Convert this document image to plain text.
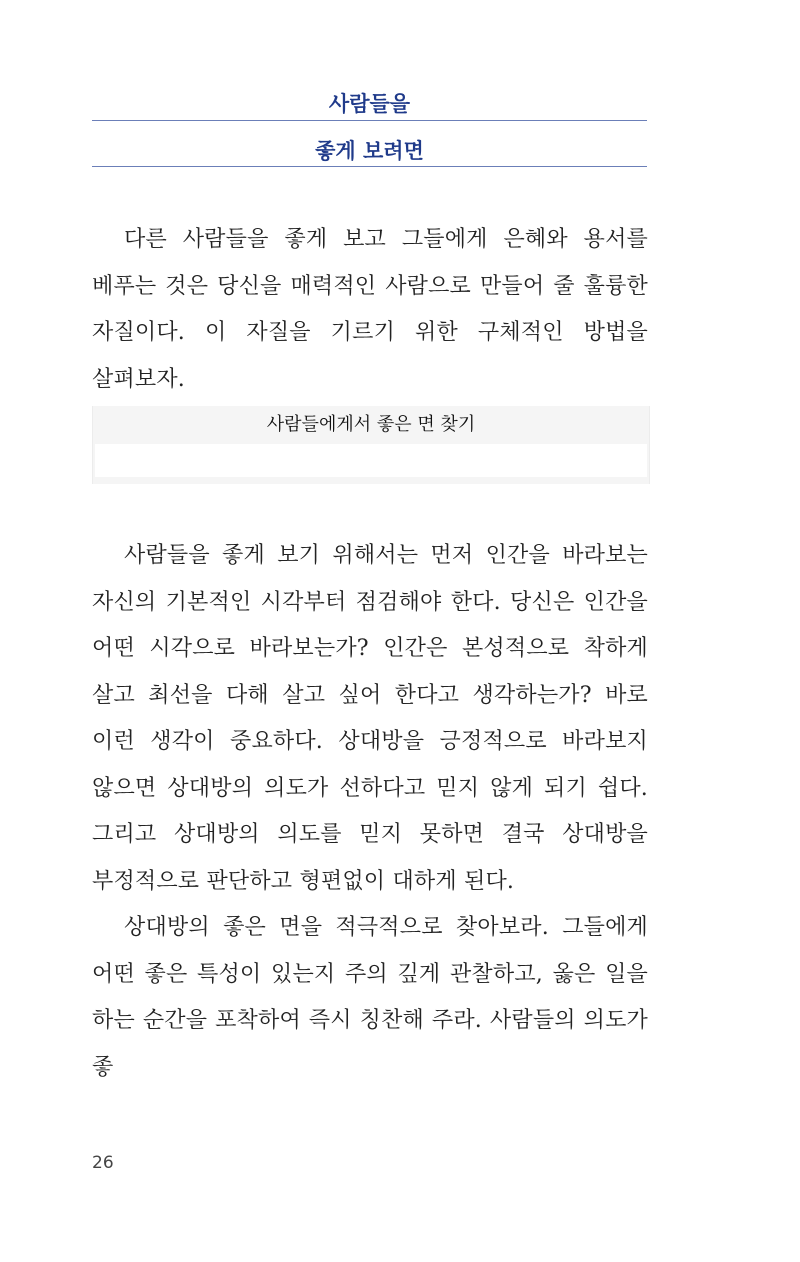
사람들을
좋게 보려면

다른 사람들을 좋게 보고 그들에게 은혜와 용서를 베푸는 것은 당신을 매력적인 사람으로 만들어 줄 훌륭한 자질이다. 이 자질을 기르기 위한 구체적인 방법을 살펴보자.

사람들에게서 좋은 면 찾기

사람들을 좋게 보기 위해서는 먼저 인간을 바라보는 자신의 기본적인 시각부터 점검해야 한다. 당신은 인간을 어떤 시각으로 바라보는가? 인간은 본성적으로 착하게 살고 최선을 다해 살고 싶어 한다고 생각하는가? 바로 이런 생각이 중요하다. 상대방을 긍정적으로 바라보지 않으면 상대방의 의도가 선하다고 믿지 않게 되기 쉽다. 그리고 상대방의 의도를 믿지 못하면 결국 상대방을 부정적으로 판단하고 형편없이 대하게 된다.

상대방의 좋은 면을 적극적으로 찾아보라. 그들에게 어떤 좋은 특성이 있는지 주의 깊게 관찰하고, 옳은 일을 하는 순간을 포착하여 즉시 칭찬해 주라. 사람들의 의도가 좋

26
